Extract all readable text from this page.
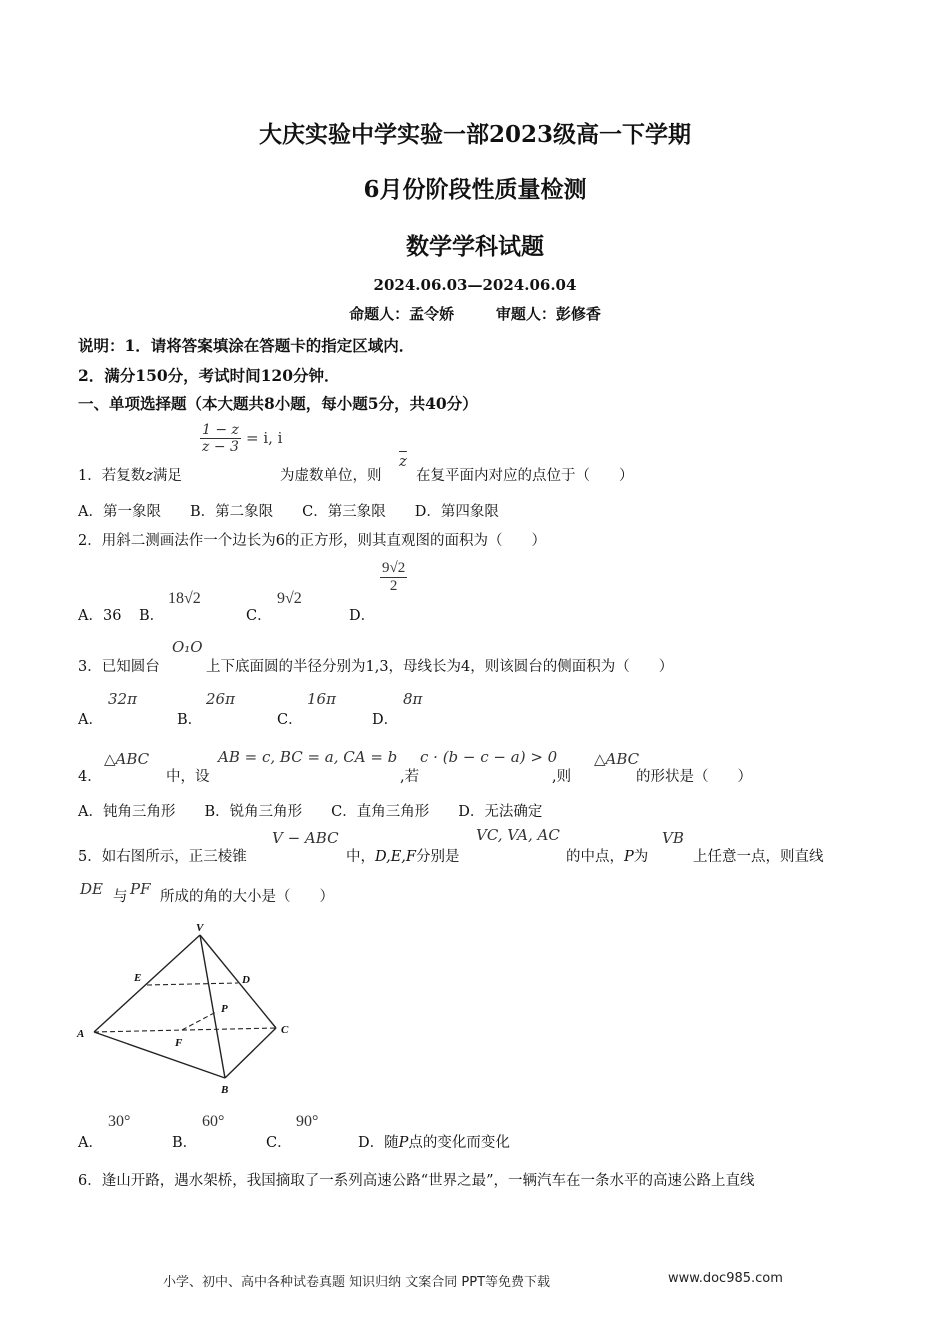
大庆实验中学实验一部2023级高一下学期
6月份阶段性质量检测
数学学科试题
2024.06.03—2024.06.04
命题人：孟令娇        审题人：彭修香
说明：1．请将答案填涂在答题卡的指定区域内．
2．满分150分，考试时间120分钟．
一、单项选择题（本大题共8小题，每小题5分，共40分）
$\frac{1 - z}{z - 3} = i$, i
1．若复数z满足	为虚数单位，则
$\overline{z}$
在复平面内对应的点位于（　　）
A．第一象限　　B．第二象限　　C．第三象限　　D．第四象限
2．用斜二测画法作一个边长为6的正方形，则其直观图的面积为（　　）
$\frac{9√2}{2}$
A．36 B．
18√2
C．
9√2
D．
O₁O
3．已知圆台	上下底面圆的半径分别为1,3，母线长为4，则该圆台的侧面积为（　　）
32π	26π	16π	8π
A．	B．	C．	D．
△ABC	AB = c, BC = a, CA = b c · (b − c − a) > 0 △ABC
4．	中，设	,若	,则	的形状是（　　）
A．钝角三角形　　B．锐角三角形　　C．直角三角形　　D．无法确定
V − ABC	VC, VA, AC	VB
5．如右图所示，正三棱锥	中，D,E,F分别是	的中点，P为	上任意一点，则直线
DE 与 PF 所成的角的大小是（　　）
V
E	D
P
A
F
C
B
30°	60°	90°
A．	B．	C．	D．随P点的变化而变化
6．逢山开路，遇水架桥，我国摘取了一系列高速公路“世界之最”，一辆汽车在一条水平的高速公路上直线
小学、初中、高中各种试卷真题 知识归纳 文案合同 PPT等免费下载	www.doc985.com
